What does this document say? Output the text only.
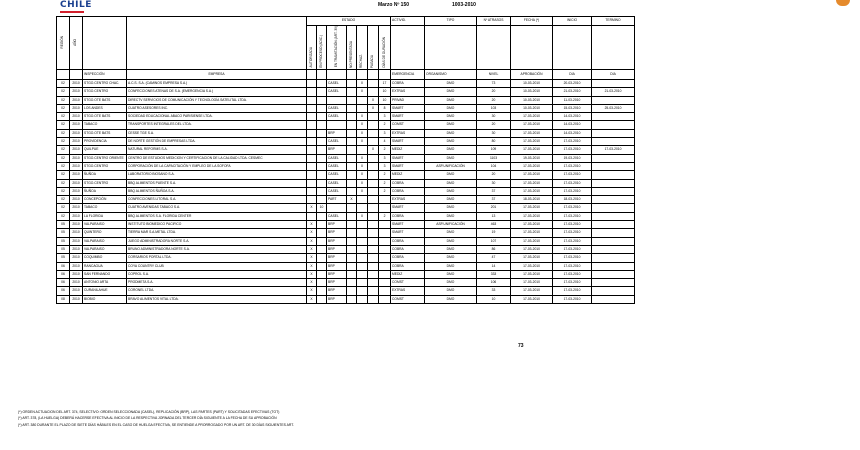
CHILE	Marzo Nº 150	1003-2010
REGIÓN	AÑO			ESTADO							ACTIVID.	TIPO	Nº ATRASOS	FECHA (*)	INICIO	TERMINO
				AUTORIZADA	EN PROCESO (ADIC.)	EN TRAMITACIÓN (ART. 39)	NO PRESENTADA	RECHAZ.	PAGADA	DÍAS DE DURACIÓN						
		INSPECCIÓN	EMPRESA								EMERGENCIA	ORGANISMO	NIVEL	APROBACIÓN	DIA	DIA
02	2010	STGO.CENTRO CHAC.	A.C.S. S.A. (CAMINOS EMPRESA S.A.)			CASEL		X		17	COBRA	DMO	73	10-03-2010	20-03-2010	
02	2010	STGO.CENTRO	CONFECCIONES ATENAS DE S.A. (EMERGENCIA S.A.)			CASEL		X		10	EXTRAS	DMO	20	10-03-2010	21-03-2010	21-03-2010
02	2010	STGO.OTE BATS	DIRECTV SERVICIOS DE COMUNICACIÓN Y TECNOLOGÍA SATELITAL LTDA.						X	10	PRIVAD	DMO	20	10-03-2010	11-03-2010	
02	2010	LOS ANDES	CUATRO ASESORES INC.			CASEL			X	8	SMART	DMO	103	10-03-2010	15-03-2010	25-03-2010
02	2010	STGO.OTE BATS	SOCIEDAD EDUCACIONAL ABACO PARISIENSE LTDA.			CASEL		X		3	SMART	DMO	30	17-03-2010	14-03-2010	
02	2010	TABACO	TRANSPORTES INTEGRALES DEL LTDA.					X		2	COMST	DMO	20	17-03-2010	14-03-2010	
02	2010	STGO.OTE BATS	CESSE TGE S.A.			BRP		X		3	EXTRAS	DMO	30	17-03-2010	14-03-2010	
02	2010	PROVIDENCIA	DE NORTE GESTIÓN DE EMPRESAS LTDA.			CASEL		X		4	SMART	DMO	80	17-03-2010	17-03-2010	
02	2010	QUILPUE	NATURAL REFORMS S.A.			BRP			X	2	MEDIZ	DMO	109	17-03-2010	17-03-2010	17-03-2010
02	2010	STGO.CENTRO ORIENTE	CENTRO DE ESTUDIOS MEDICION Y CERTIFICACION DE LA CALIDAD LTDA. CESMEC			CASEL		X		3	SMART	DMO	1103	19-03-2010	19-03-2010	
02	2010	STGO.CENTRO	CORPORACIÓN DE LA CAPACITACIÓN Y EMPLEO DE LA SOFOFA			CASEL		X		3	SMART	ASP.UNIFICACIÓN	104	17-03-2010	17-03-2010	
02	2010	ÑUÑOA	LABORATORIO BIOSANO S.A.			CASEL		X		2	MEDIZ	DMO	20	17-03-2010	17-03-2010	
02	2010	STGO.CENTRO	BBQ ALIMENTOS PUENTE S.A.			CASEL		X		2	COBRA	DMO	30	17-03-2010	17-03-2010	
02	2010	ÑUÑOA	BBQ ALIMENTOS ÑUÑOA S.A.			CASEL		X		2	COBRA	DMO	37	17-03-2010	17-03-2010	
02	2010	CONCEPCIÓN	CONFECCIONES LITORAL S.A.			PART	X				EXTRAS	DMO	37	18-03-2010	18-03-2010	
02	2010	TABACO	CUATRO AVENIDAS TABACO S.A.	X	10						SMART	DMO	201	17-03-2010	17-03-2010	
02	2010	LA FLORIDA	BBQ ALIMENTOS S.A. FLORIDA CENTER			CASEL		X		2	COBRA	DMO	13	17-03-2010	17-03-2010	
05	2010	VALPARAISO	INSTITUTO BIOMEDICO PACIFICO	X		BRP					SMART	ASP.UNIFICACIÓN	463	17-03-2010	17-03-2010	
05	2010	QUINTERO	TIERRA MAR S.A.METAL LTDA.	X		BRP					SMART	DMO	19	17-03-2010	17-03-2010	
05	2010	VALPARAISO	JUEGO ADMINISTRADORA NORTE S.A.	X		BRP					COBRA	DMO	107	17-03-2010	17-03-2010	
05	2010	VALPARAISO	BRUNO ADMINISTRADORA NORTE S.A.	X		BRP					COBRA	DMO	86	17-03-2010	17-03-2010	
05	2010	COQUIMBO	CORSARIOS PORTAL LTDA.	X		BRP					COBRA	DMO	47	17-03-2010	17-03-2010	
06	2010	RANCAGUA	COYA COUNTRY CLUB	X		BRP					COBRA	DMO	14	17-03-2010	17-03-2010	
06	2010	SAN FERNANDO	COPROL S.A.	X		BRP					MEDIZ	DMO	333	17-03-2010	17-03-2010	
06	2010	ANTONIO ARTA	PRODMETA S.A.	X		BRP					COMST	DMO	106	17-03-2010	17-03-2010	
06	2010	CURANILAHUE	CORONEL LTDA.	X		BRP					EXTRAS	DMO	33	17-03-2010	17-03-2010	
08	2010	BIOBIO	BRAVO ALIMENTOS VITAL LTDA.	X		BRP					COMST	DMO	10	17-03-2010	17-03-2010	
73
(*) ORDEN ACTUACION DEL ART. 374, SELECTIVO: ORDEN SELECCIONADA (CASEL), REPLICACIÓN (BRP), LAS PARTES (PART) Y SOLICITADAS EFECTIVAS (TOT)
(*) ART. 378, (LA HUELGA) DEBERÁ HACERSE EFECTIVA AL INICIO DE LA RESPECTIVA JORNADA DEL TERCER DÍA SIGUIENTE A LA FECHA DE SU APROBACIÓN
(*) ART. 380 DURANTE EL PLAZO DE SIETE DÍAS HÁBILES EN EL CASO DE HUELGA EFECTIVA, SE ENTIENDE A PRORROGADO POR UN ART. DE 30 DÍAS SIGUIENTES ART.
